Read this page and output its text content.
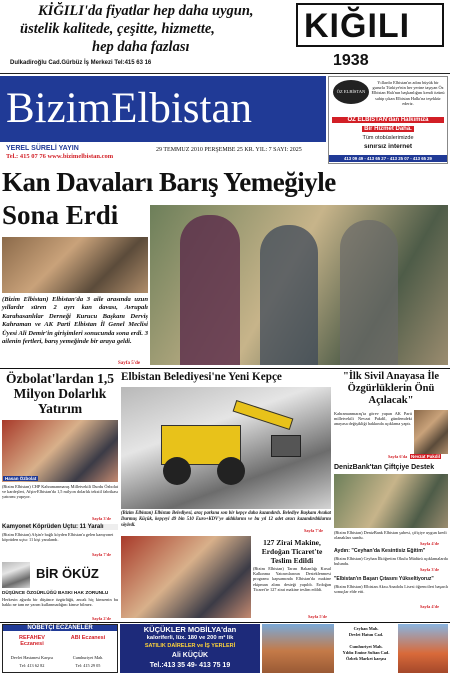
KİĞILI'da fiyatlar hep daha uygun,
üstelik kalitede, çeşitte, hizmette,
hep daha fazlası
Dulkadiroğlu Cad.Gürbüz İş Merkezi Tel:415 63 16
KIĞILI
1938
BizimElbistan
YEREL SÜRELİ YAYIN
Tel.: 415 07 76 www.bizimelbistan.com
29 TEMMUZ 2010 PERŞEMBE 25 KR. YIL: 7 SAYI: 2025
ÖZ ELBİSTAN
Yıllardır Elbistan'ın adını büyük bir gururla Türkiye'nin her yerine taşıyan Öz Elbistan Halı'nın başkanlığını kendi özünü sahip çıkan Elbistan Halkı'na teşekkür ederiz.
ÖZ ELBİSTAN'dan Halkımıza
Bir Hizmet Daha.
Tüm otobüslerimizde
sınırsız internet
413 09 49 - 413 65 27 - 413 25 07 - 413 65 29
Kan Davaları Barış Yemeğiyle
Sona Erdi
(Bizim Elbistan) Elbistan'da 3 aile arasında uzun yıllardır süren 2 ayrı kan davası, Avrupalı Karahasanlılar Derneği Kurucu Başkanı Derviş Kahraman ve AK Parti Elbistan İl Genel Meclisi Üyesi Ali Demir'in girişimleri sonucunda sona erdi. 3 ailenin fertleri, barış yemeğinde bir araya geldi.
Sayfa 5'de
Özbolat'lardan 1,5 Milyon Dolarlık Yatırım
Hasan Özbolat
(Bizim Elbistan) CHP Kahramanmaraş Milletvekili Durdu Özbolat ve kardeşleri, Afşin-Elbistan'da 1,5 milyon dolarlık tekstil fabrikası yatırımı yapıyor.
Sayfa 3'de
Kamyonet Köprüden Uçtu: 11 Yaralı
(Bizim Elbistan) Afşin'e bağlı köyden Elbistan'a gelen kamyonet köprüden uçtu: 11 kişi yaralandı.
Sayfa 7'de
BİR ÖKÜZ
DÜŞÜNCE ÖZGÜRLÜĞÜ BASKI HAK ZORUNLU
Herkesin ağızda bir düşünce özgürlüğü, ancak hiç kimsenin bu hakkı ne tam ne yarım kullanmadığını kimse bilmez.
Sayfa 2'de
Elbistan Belediyesi'ne Yeni Kepçe
(Bizim Elbistan) Elbistan Belediyesi, araç parkına son bir kepçe daha kazandırdı. Belediye Başkanı Avukat Durmuş Küçük, kepçeyi 49 bin 510 Euro+KDV'ye aldıklarını ve bu yıl 12 adet aracı kazandırdıklarını söyledi.
Sayfa 7'de
127 Zirai Makine, Erdoğan Ticaret'te Teslim Edildi
(Bizim Elbistan) Tarım Bakanlığı Kırsal Kalkınma Yatırımlarının Desteklenmesi programı kapsamında Elbistan'da makine ekipman alımı desteği yapıldı. Erdoğan Ticaret'te 127 zirai makine teslim edildi.
Sayfa 5'de
"İlk Sivil Anayasa İle Özgürlüklerin Önü Açılacak"
Kahramanmaraş'ta görev yapan AK Parti milletvekili Nevzat Pakdil, gündemdeki anayasa değişikliği hakkında açıklama yaptı.
Nevzat Pakdil
Sayfa 6'da
DenizBank'tan Çiftçiye Destek
(Bizim Elbistan) DenizBank Elbistan şubesi, çiftçiye uygun kredi olanakları sundu.
Sayfa 4'de
Aydın: "Ceyhan'da Kesintisiz Eğitim"
(Bizim Elbistan) Ceyhan İlköğretim Okulu Müdürü açıklamalarda bulundu.
Sayfa 3'de
"Elbistan'ın Başarı Çıtasını Yükseltiyoruz"
(Bizim Elbistan) Elbistan Aksu Anadolu Lisesi öğrencileri başarılı sonuçlar elde etti.
Sayfa 4'de
NÖBETÇİ ECZANELER
REFAHEV Eczanesi
Devlet Hastanesi Karşısı
Tel: 413 62 82
ABI Eczanesi
Cumhuriyet Mah.
Tel: 415 29 05
KÜÇÜKLER MOBİLYA'dan
kaloriferli, lüx. 180 ve 200 m² lik
SATILIK DAİRELER ve İŞ YERLERİ
Ali KÜÇÜK
Tel.:413 35 49- 413 75 19
Ceyhan Mah.
Devlet Hatun Cad.
Cumhuriyet Mah.
Yıldız Emine Sultan Cad.
Özbek Market karşısı
